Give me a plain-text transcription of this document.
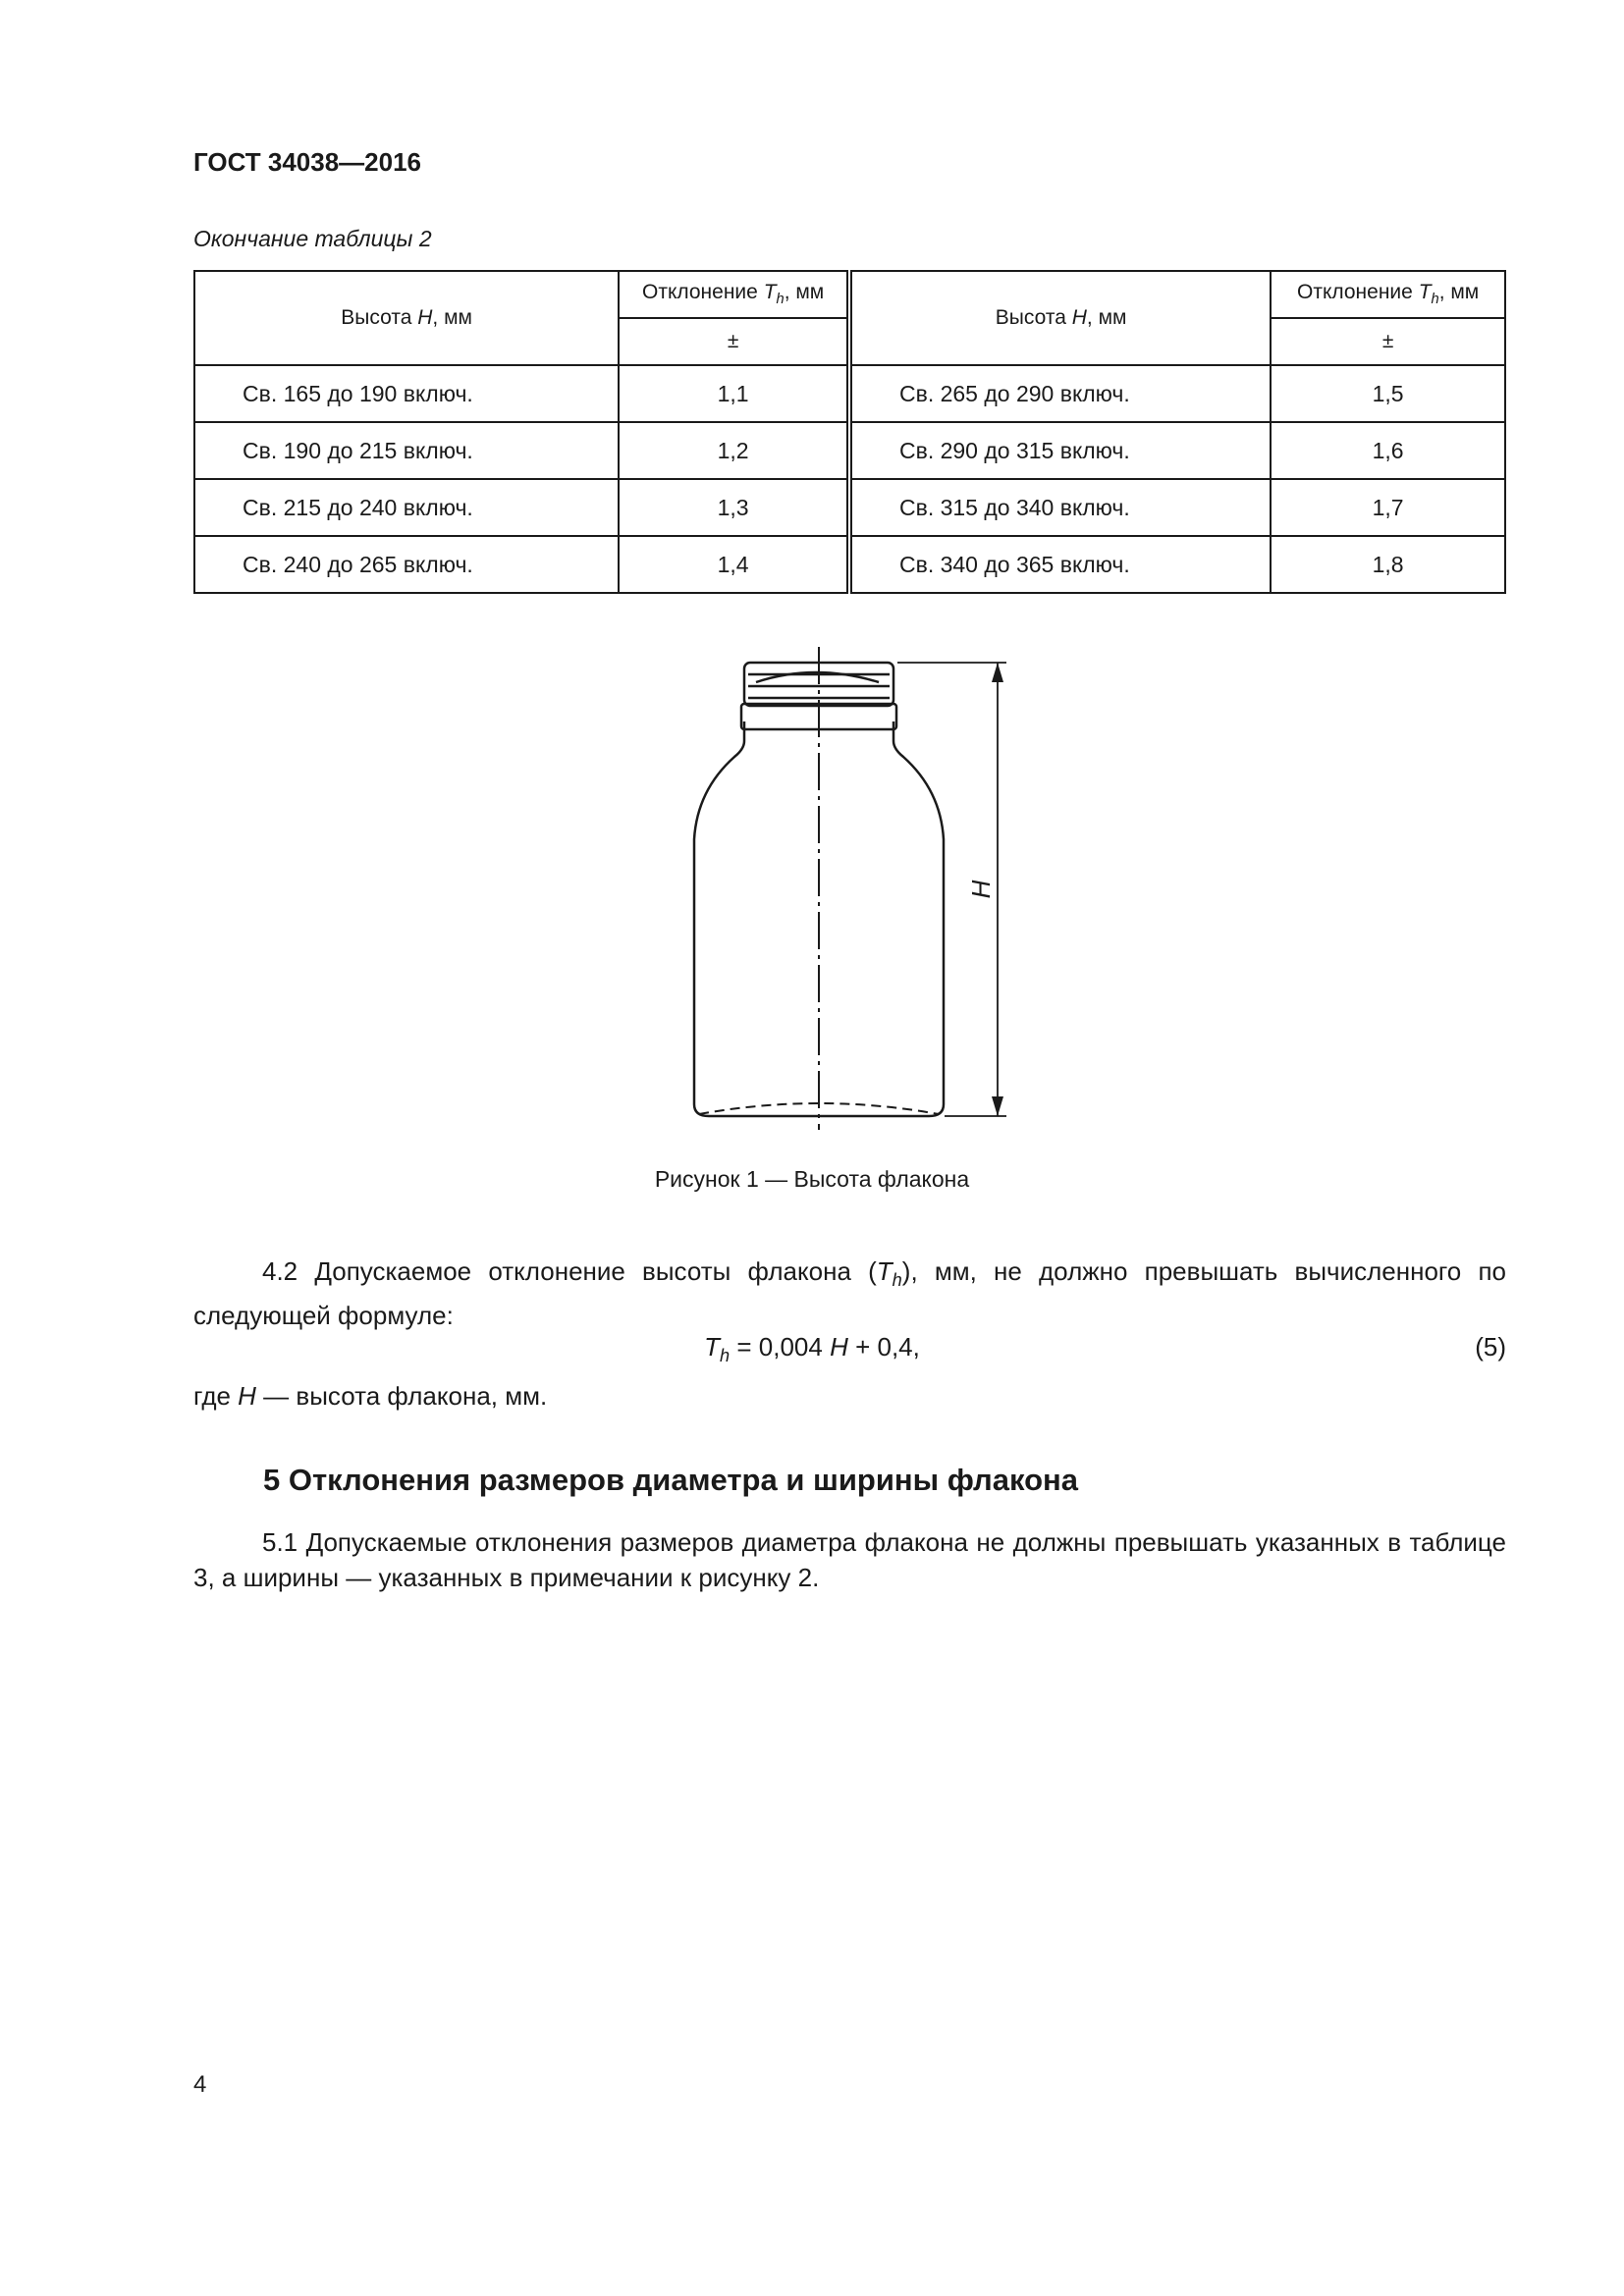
ГОСТ 34038—2016
Окончание таблицы 2
Высота H, мм	Отклонение $T_h$, мм	Высота H, мм	Отклонение $T_h$, мм
	±		±
Св. 165 до 190 включ.	1,1	Св. 265 до 290 включ.	1,5
Св. 190 до 215 включ.	1,2	Св. 290 до 315 включ.	1,6
Св. 215 до 240 включ.	1,3	Св. 315 до 340 включ.	1,7
Св. 240 до 265 включ.	1,4	Св. 340 до 365 включ.	1,8
H
Рисунок 1 — Высота флакона
4.2 Допускаемое отклонение высоты флакона $(T_h)$, мм, не должно превышать вычисленного по следующей формуле:
$T_h = 0,004$ H + 0,4,	(5)
где H — высота флакона, мм.
5 Отклонения размеров диаметра и ширины флакона
5.1 Допускаемые отклонения размеров диаметра флакона не должны превышать указанных в таблице 3, а ширины — указанных в примечании к рисунку 2.
4
